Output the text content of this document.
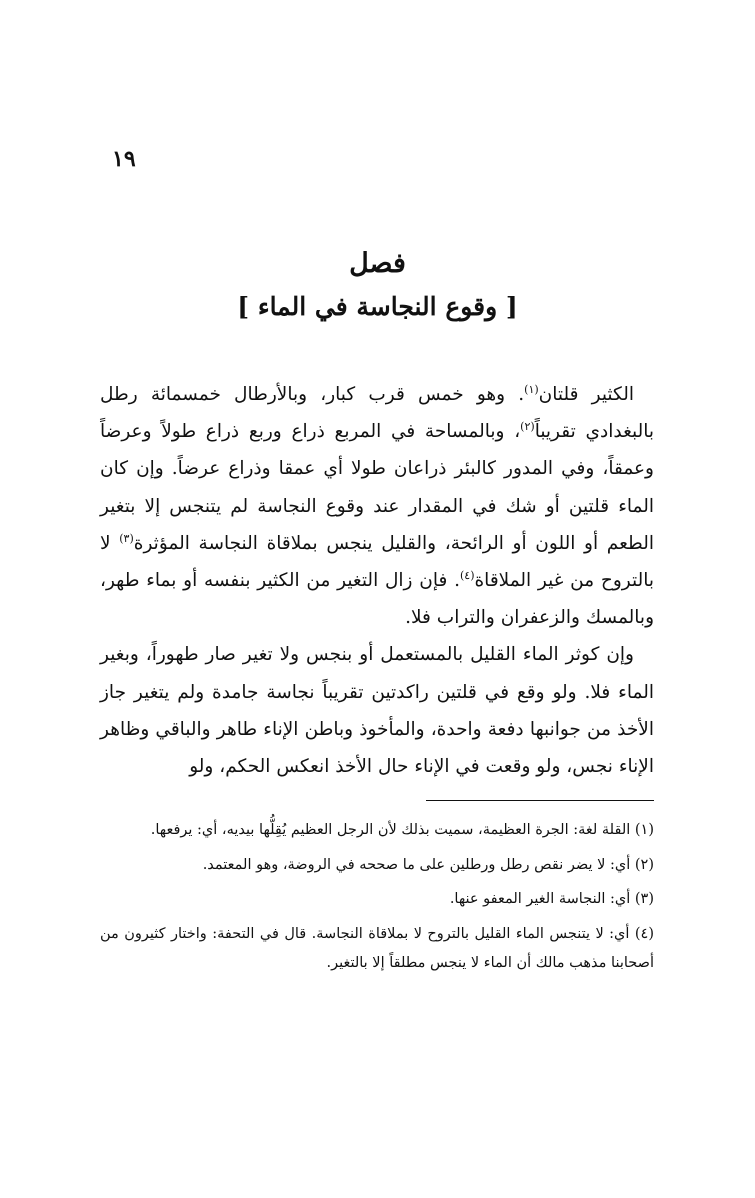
١٩
فصل
[ وقوع النجاسة في الماء ]

الكثير قلتان$^{(١)}$. وهو خمس قرب كبار، وبالأرطال خمسمائة رطل بالبغدادي تقريباً$^{(٢)}$، وبالمساحة في المربع ذراع وربع ذراع طولاً وعرضاً وعمقاً، وفي المدور كالبئر ذراعان طولا أي عمقا وذراع عرضاً. وإن كان الماء قلتين أو شك في المقدار عند وقوع النجاسة لم يتنجس إلا بتغير الطعم أو اللون أو الرائحة، والقليل ينجس بملاقاة النجاسة المؤثرة$^{(٣)}$ لا بالتروح من غير الملاقاة$^{(٤)}$. فإن زال التغير من الكثير بنفسه أو بماء طهر، وبالمسك والزعفران والتراب فلا.

وإن كوثر الماء القليل بالمستعمل أو بنجس ولا تغير صار طهوراً، وبغير الماء فلا. ولو وقع في قلتين راكدتين تقريباً نجاسة جامدة ولم يتغير جاز الأخذ من جوانبها دفعة واحدة، والمأخوذ وباطن الإناء طاهر والباقي وظاهر الإناء نجس، ولو وقعت في الإناء حال الأخذ انعكس الحكم، ولو

(١) القلة لغة: الجرة العظيمة، سميت بذلك لأن الرجل العظيم يُقِلُّها بيديه، أي: يرفعها.

(٢) أي: لا يضر نقص رطل ورطلين على ما صححه في الروضة، وهو المعتمد.

(٣) أي: النجاسة الغير المعفو عنها.

(٤) أي: لا يتنجس الماء القليل بالتروح لا بملاقاة النجاسة. قال في التحفة: واختار كثيرون من أصحابنا مذهب مالك أن الماء لا ينجس مطلقاً إلا بالتغير.
